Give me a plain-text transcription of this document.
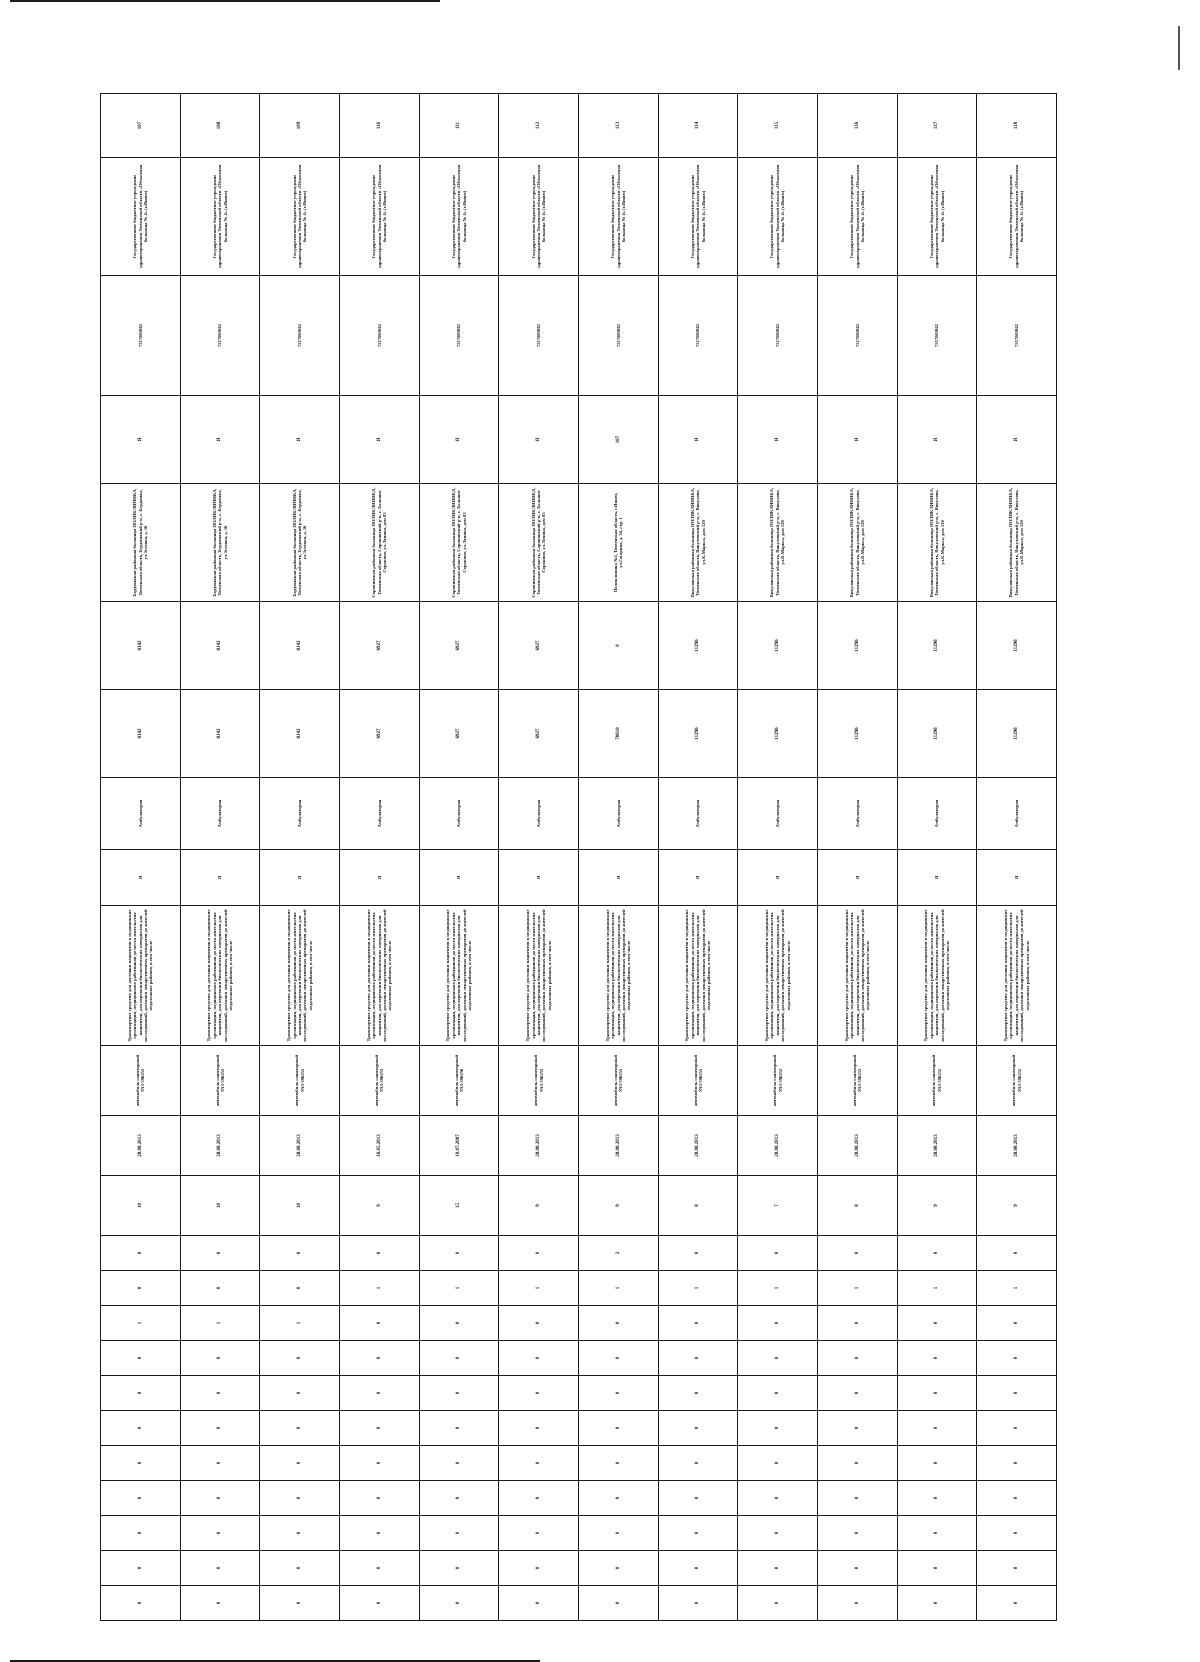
0	0	0	0	0	0	0	0	1	0	0	10	28.08.2013	автомобиль санитарный УАЗ-396255	Транспортное средство для доставки пациентов в медицинские организации, медицинских работников до места жительства пациентов, для перевозки биологических материалов для исследований, доставки лекарственных препаратов до жителей отдаленных районов, в том числе	Я	Амбулатория	8142	8142	Бердюжская районная больница ПОЛИКЛИНИКА, Тюменская область, Бердюжский р-н, с. Бердюжье, ул.Зеленая, д. 16	Я	7217003842	Государственное бюджетное учреждение здравоохранения Тюменской области «Областная больница № 4» (г.Ишим)	107
0	0	0	0	0	0	0	0	1	0	0	10	28.08.2013	автомобиль санитарный УАЗ-396255	Транспортное средство для доставки пациентов в медицинские организации, медицинских работников до места жительства пациентов, для перевозки биологических материалов для исследований, доставки лекарственных препаратов до жителей отдаленных районов, в том числе	Я	Амбулатория	8142	8142	Бердюжская районная больница ПОЛИКЛИНИКА, Тюменская область, Бердюжский р-н, с. Бердюжье, ул.Зеленая, д. 16	Я	7217003842	Государственное бюджетное учреждение здравоохранения Тюменской области «Областная больница № 4» (г.Ишим)	108
0	0	0	0	0	0	0	0	1	0	0	10	28.08.2013	автомобиль санитарный УАЗ-396255	Транспортное средство для доставки пациентов в медицинские организации, медицинских работников до места жительства пациентов, для перевозки биологических материалов для исследований, доставки лекарственных препаратов до жителей отдаленных районов, в том числе	Я	Амбулатория	8142	8142	Бердюжская районная больница ПОЛИКЛИНИКА, Тюменская область, Бердюжский р-н, с. Бердюжье, ул.Зеленая, д. 16	Я	7217003842	Государственное бюджетное учреждение здравоохранения Тюменской области «Областная больница № 4» (г.Ишим)	109
0	0	0	0	0	0	0	0	0	1	0	9	16.05.2013	автомобиль санитарный УАЗ-396255	Транспортное средство для доставки пациентов в медицинские организации, медицинских работников до места жительства пациентов, для перевозки биологических материалов для исследований, доставки лекарственных препаратов до жителей отдаленных районов, в том числе	Я	Амбулатория	6927	6927	Сорокинская районная больница ПОЛИКЛИНИКА, Тюменская область, Сорокинский р-н, с. Большое Сорокино, ул.Ленина, дом 83	Я	7217003842	Государственное бюджетное учреждение здравоохранения Тюменской области «Областная больница № 4» (г.Ишим)	110
0	0	0	0	0	0	0	0	0	1	0	15	10.07.2007	автомобиль санитарный УАЗ-396256	Транспортное средство для доставки пациентов в медицинские организации, медицинских работников до места жительства пациентов, для перевозки биологических материалов для исследований, доставки лекарственных препаратов до жителей отдаленных районов, в том числе	Я	Амбулатория	6927	6927	Сорокинская районная больница ПОЛИКЛИНИКА, Тюменская область, Сорокинский р-н, с. Большое Сорокино, ул.Ленина, дом 83	Я	7217003842	Государственное бюджетное учреждение здравоохранения Тюменской области «Областная больница № 4» (г.Ишим)	111
0	0	0	0	0	0	0	0	0	1	0	9	28.08.2013	автомобиль санитарный УАЗ-396255	Транспортное средство для доставки пациентов в медицинские организации, медицинских работников до места жительства пациентов, для перевозки биологических материалов для исследований, доставки лекарственных препаратов до жителей отдаленных районов, в том числе	Я	Амбулатория	6927	6927	Сорокинская районная больница ПОЛИКЛИНИКА, Тюменская область, Сорокинский р-н, с. Большое Сорокино, ул.Ленина, дом 83	Я	7217003842	Государственное бюджетное учреждение здравоохранения Тюменской области «Областная больница № 4» (г.Ишим)	112
0	0	0	0	0	0	0	0	0	1	2	9	28.08.2013	автомобиль санитарный УАЗ-396255	Транспортное средство для доставки пациентов в медицинские организации, медицинских работников до места жительства пациентов, для перевозки биологических материалов для исследований, доставки лекарственных препаратов до жителей отдаленных районов, в том числе	Я	Амбулатория	70610	0	Поликлиника №2, Тюменская область, г.Ишим, ул.Гагарина, д. 34, стр. 1	107	7217003842	Государственное бюджетное учреждение здравоохранения Тюменской области «Областная больница № 4» (г.Ишим)	113
0	0	0	0	0	0	0	0	0	1	0	8	28.08.2013	автомобиль санитарный УАЗ-396255	Транспортное средство для доставки пациентов в медицинские организации, медицинских работников до места жительства пациентов, для перевозки биологических материалов для исследований, доставки лекарственных препаратов до жителей отдаленных районов, в том числе	Я	Амбулатория	11296	11296	Викуловская районная больница ПОЛИКЛИНИКА, Тюменская область, Викуловский р-н, с. Викулово, ул.К.Маркса, дом 120	Я	7217003842	Государственное бюджетное учреждение здравоохранения Тюменской области «Областная больница № 4» (г.Ишим)	114
0	0	0	0	0	0	0	0	0	1	0	7	28.08.2013	автомобиль санитарный УАЗ-396255	Транспортное средство для доставки пациентов в медицинские организации, медицинских работников до места жительства пациентов, для перевозки биологических материалов для исследований, доставки лекарственных препаратов до жителей отдаленных районов, в том числе	Я	Амбулатория	11296	11296	Викуловская районная больница ПОЛИКЛИНИКА, Тюменская область, Викуловский р-н, с. Викулово, ул.К.Маркса, дом 120	Я	7217003842	Государственное бюджетное учреждение здравоохранения Тюменской области «Областная больница № 4» (г.Ишим)	115
0	0	0	0	0	0	0	0	0	1	0	8	28.08.2013	автомобиль санитарный УАЗ-396255	Транспортное средство для доставки пациентов в медицинские организации, медицинских работников до места жительства пациентов, для перевозки биологических материалов для исследований, доставки лекарственных препаратов до жителей отдаленных районов, в том числе	Я	Амбулатория	11296	11296	Викуловская районная больница ПОЛИКЛИНИКА, Тюменская область, Викуловский р-н, с. Викулово, ул.К.Маркса, дом 120	Я	7217003842	Государственное бюджетное учреждение здравоохранения Тюменской области «Областная больница № 4» (г.Ишим)	116
0	0	0	0	0	0	0	0	0	1	0	9	28.08.2013	автомобиль санитарный УАЗ-396255	Транспортное средство для доставки пациентов в медицинские организации, медицинских работников до места жительства пациентов, для перевозки биологических материалов для исследований, доставки лекарственных препаратов до жителей отдаленных районов, в том числе	Я	Амбулатория	11296	11296	Викуловская районная больница ПОЛИКЛИНИКА, Тюменская область, Викуловский р-н, с. Викулово, ул.К.Маркса, дом 120	Я	7217003842	Государственное бюджетное учреждение здравоохранения Тюменской области «Областная больница № 4» (г.Ишим)	117
0	0	0	0	0	0	0	0	0	1	0	9	28.08.2013	автомобиль санитарный УАЗ-396255	Транспортное средство для доставки пациентов в медицинские организации, медицинских работников до места жительства пациентов, для перевозки биологических материалов для исследований, доставки лекарственных препаратов до жителей отдаленных районов, в том числе	Я	Амбулатория	11296	11296	Викуловская районная больница ПОЛИКЛИНИКА, Тюменская область, Викуловский р-н, с. Викулово, ул.К.Маркса, дом 120	Я	7217003842	Государственное бюджетное учреждение здравоохранения Тюменской области «Областная больница № 4» (г.Ишим)	118
